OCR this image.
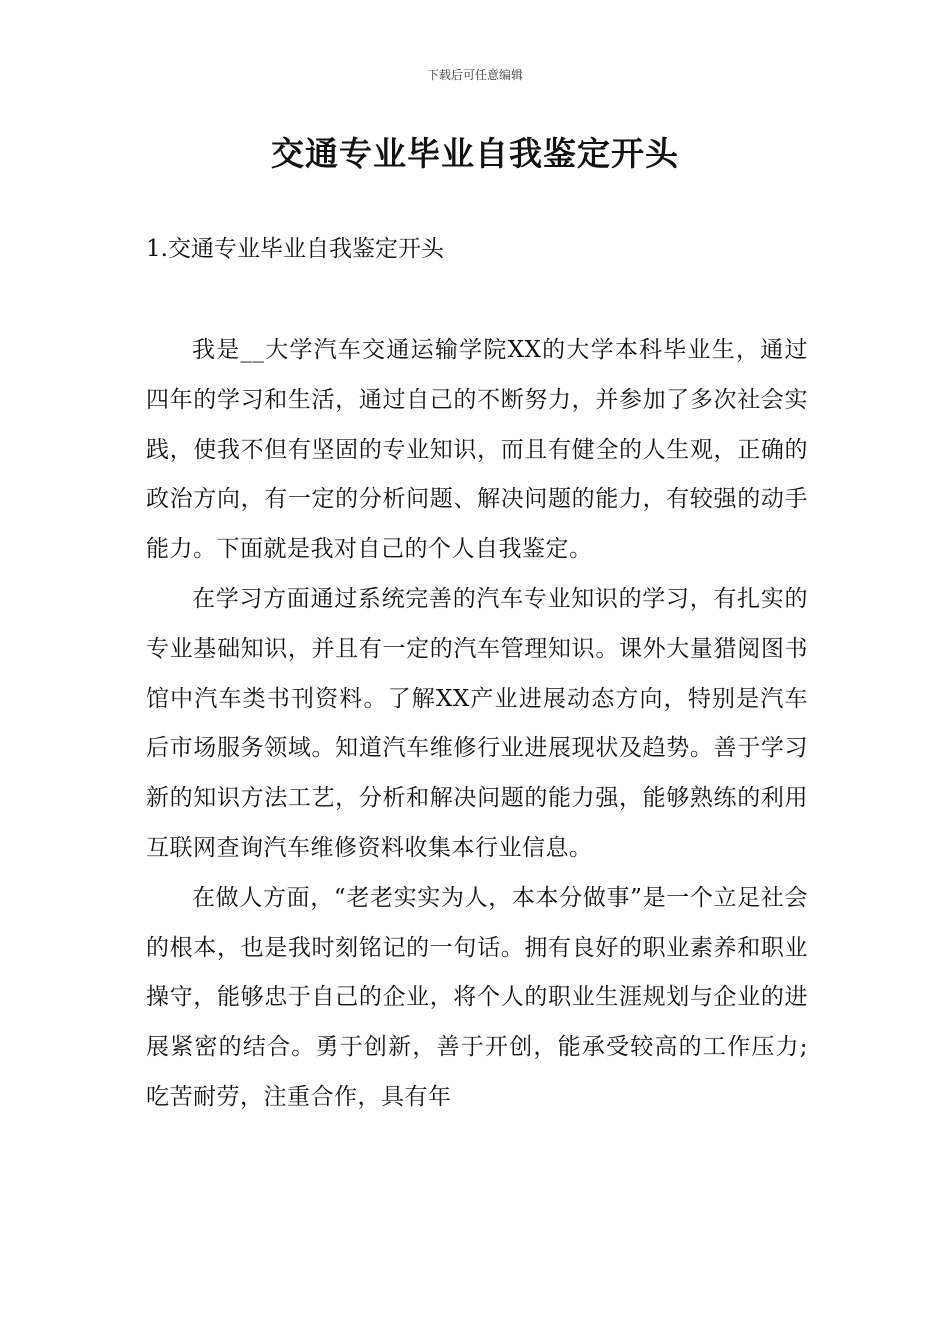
下载后可任意编辑
交通专业毕业自我鉴定开头
1.交通专业毕业自我鉴定开头

我是__大学汽车交通运输学院XX的大学本科毕业生，通过四年的学习和生活，通过自己的不断努力，并参加了多次社会实践，使我不但有坚固的专业知识，而且有健全的人生观，正确的政治方向，有一定的分析问题、解决问题的能力，有较强的动手能力。下面就是我对自己的个人自我鉴定。

在学习方面通过系统完善的汽车专业知识的学习，有扎实的专业基础知识，并且有一定的汽车管理知识。课外大量猎阅图书馆中汽车类书刊资料。了解XX产业进展动态方向，特别是汽车后市场服务领域。知道汽车维修行业进展现状及趋势。善于学习新的知识方法工艺，分析和解决问题的能力强，能够熟练的利用互联网查询汽车维修资料收集本行业信息。

在做人方面，“老老实实为人，本本分做事”是一个立足社会的根本，也是我时刻铭记的一句话。拥有良好的职业素养和职业操守，能够忠于自己的企业，将个人的职业生涯规划与企业的进展紧密的结合。勇于创新，善于开创，能承受较高的工作压力;吃苦耐劳，注重合作，具有年
